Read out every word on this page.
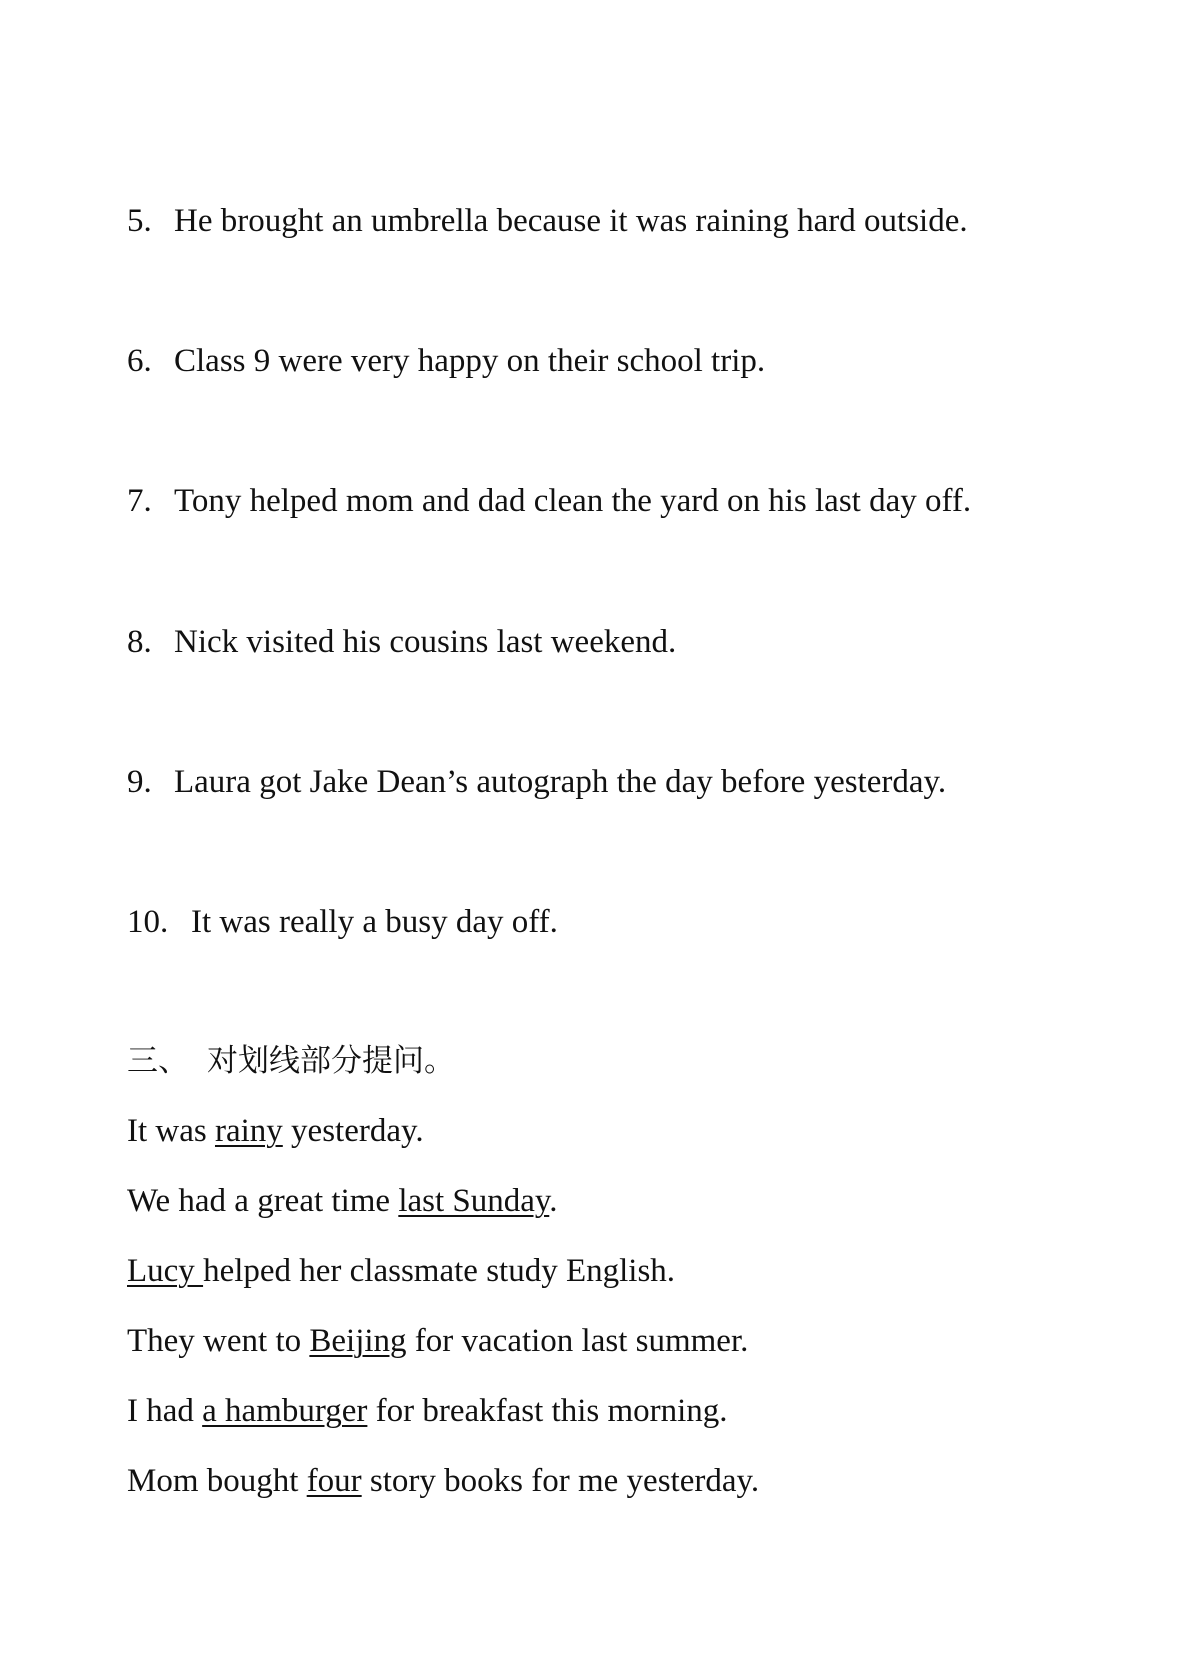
5. He brought an umbrella because it was raining hard outside.
6. Class 9 were very happy on their school trip.
7. Tony helped mom and dad clean the yard on his last day off.
8. Nick visited his cousins last weekend.
9. Laura got Jake Dean’s autograph the day before yesterday.
10. It was really a busy day off.
三、 对划线部分提问。
It was rainy yesterday.
We had a great time last Sunday.
Lucy helped her classmate study English.
They went to Beijing for vacation last summer.
I had a hamburger for breakfast this morning.
Mom bought four story books for me yesterday.
